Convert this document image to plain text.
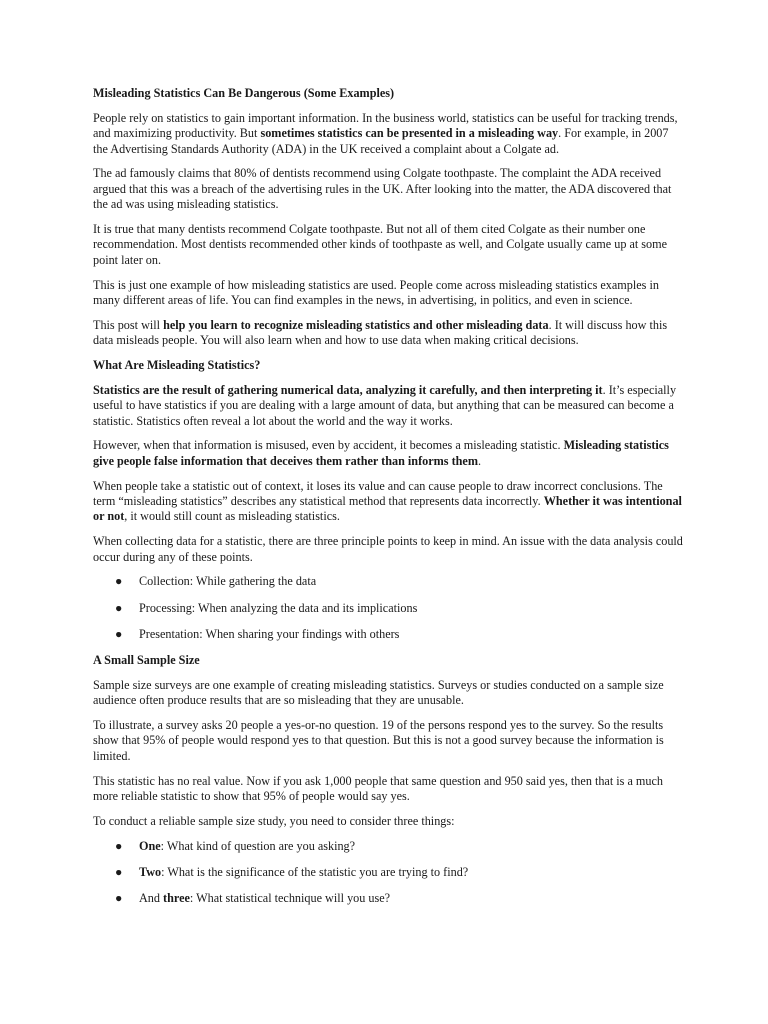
Misleading Statistics Can Be Dangerous (Some Examples)

People rely on statistics to gain important information. In the business world, statistics can be useful for tracking trends, and maximizing productivity. But sometimes statistics can be presented in a misleading way. For example, in 2007 the Advertising Standards Authority (ADA) in the UK received a complaint about a Colgate ad.

The ad famously claims that 80% of dentists recommend using Colgate toothpaste. The complaint the ADA received argued that this was a breach of the advertising rules in the UK. After looking into the matter, the ADA discovered that the ad was using misleading statistics.

It is true that many dentists recommend Colgate toothpaste. But not all of them cited Colgate as their number one recommendation. Most dentists recommended other kinds of toothpaste as well, and Colgate usually came up at some point later on.

This is just one example of how misleading statistics are used. People come across misleading statistics examples in many different areas of life. You can find examples in the news, in advertising, in politics, and even in science.

This post will help you learn to recognize misleading statistics and other misleading data. It will discuss how this data misleads people. You will also learn when and how to use data when making critical decisions.

What Are Misleading Statistics?

Statistics are the result of gathering numerical data, analyzing it carefully, and then interpreting it. It’s especially useful to have statistics if you are dealing with a large amount of data, but anything that can be measured can become a statistic. Statistics often reveal a lot about the world and the way it works.

However, when that information is misused, even by accident, it becomes a misleading statistic. Misleading statistics give people false information that deceives them rather than informs them.

When people take a statistic out of context, it loses its value and can cause people to draw incorrect conclusions. The term “misleading statistics” describes any statistical method that represents data incorrectly. Whether it was intentional or not, it would still count as misleading statistics.

When collecting data for a statistic, there are three principle points to keep in mind. An issue with the data analysis could occur during any of these points.

● Collection: While gathering the data
● Processing: When analyzing the data and its implications
● Presentation: When sharing your findings with others
A Small Sample Size

Sample size surveys are one example of creating misleading statistics. Surveys or studies conducted on a sample size audience often produce results that are so misleading that they are unusable.

To illustrate, a survey asks 20 people a yes-or-no question. 19 of the persons respond yes to the survey. So the results show that 95% of people would respond yes to that question. But this is not a good survey because the information is limited.

This statistic has no real value. Now if you ask 1,000 people that same question and 950 said yes, then that is a much more reliable statistic to show that 95% of people would say yes.

To conduct a reliable sample size study, you need to consider three things:

● One: What kind of question are you asking?
● Two: What is the significance of the statistic you are trying to find?
● And three: What statistical technique will you use?
